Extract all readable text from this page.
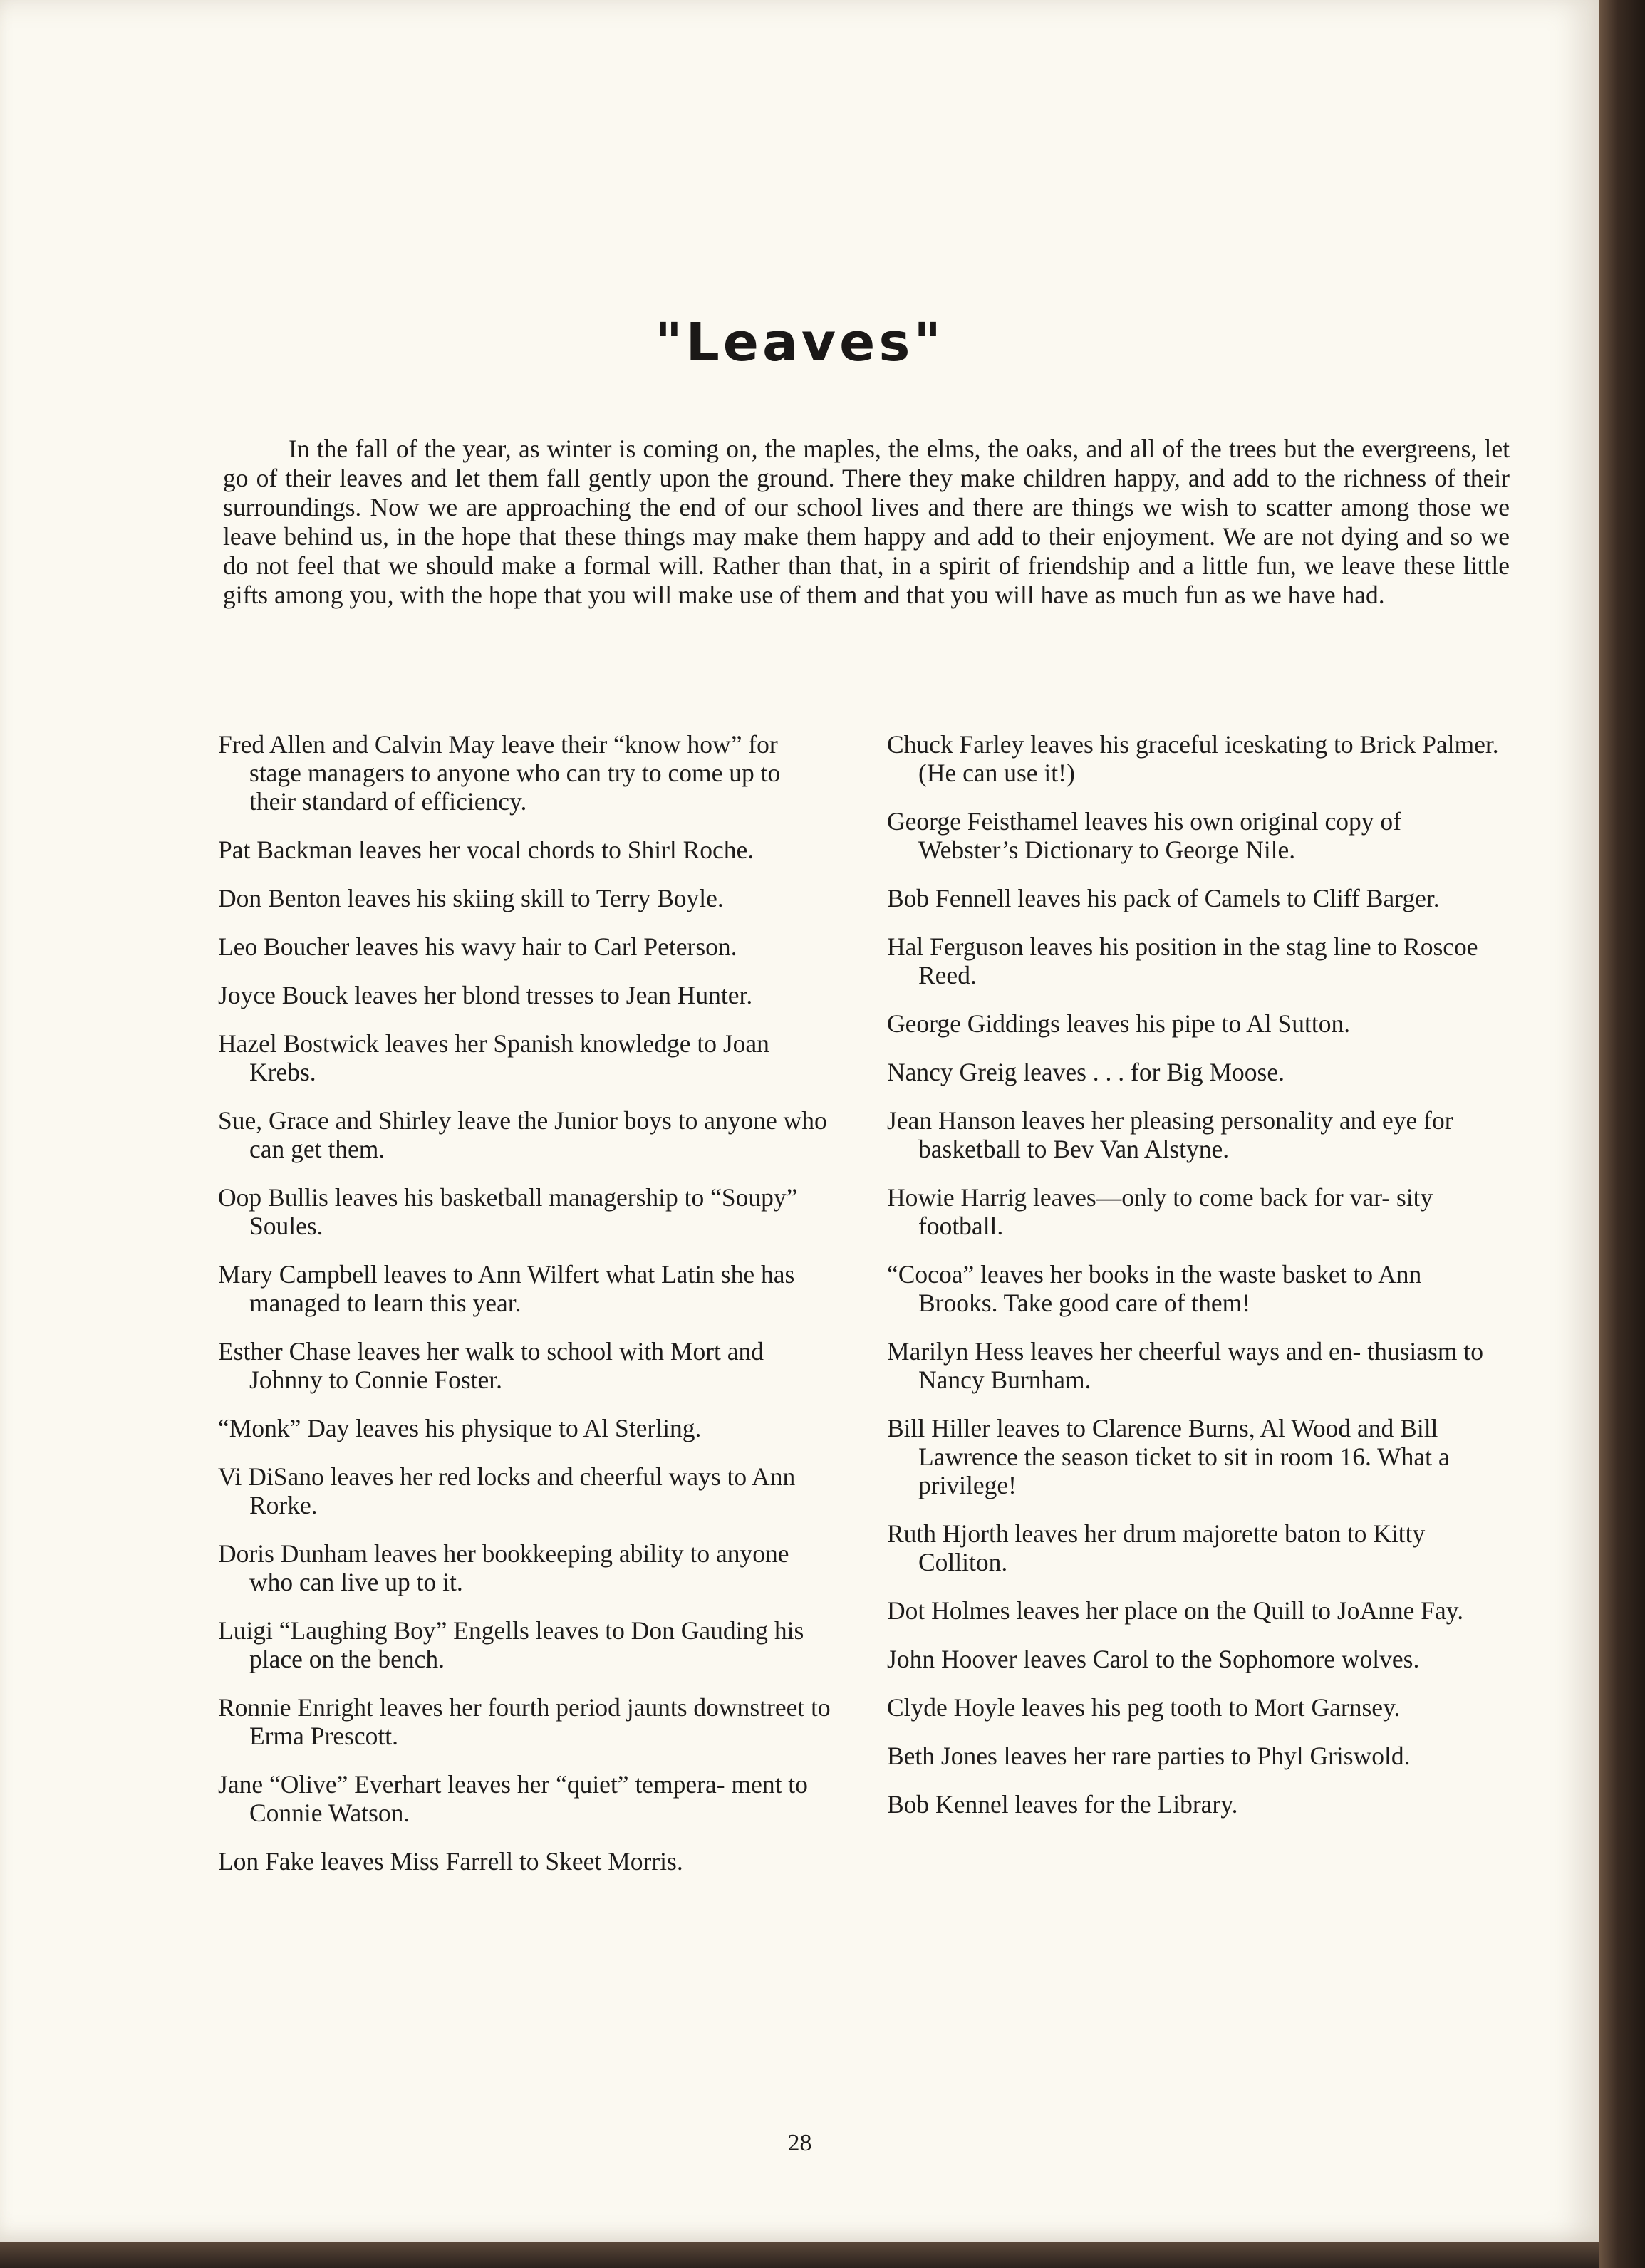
"Leaves"

In the fall of the year, as winter is coming on, the maples, the elms, the oaks, and all of the trees but the evergreens, let go of their leaves and let them fall gently upon the ground. There they make children happy, and add to the richness of their surroundings. Now we are approaching the end of our school lives and there are things we wish to scatter among those we leave behind us, in the hope that these things may make them happy and add to their enjoyment. We are not dying and so we do not feel that we should make a formal will. Rather than that, in a spirit of friendship and a little fun, we leave these little gifts among you, with the hope that you will make use of them and that you will have as much fun as we have had.

Fred Allen and Calvin May leave their “know how” for stage managers to anyone who can try to come up to their standard of efficiency.

Pat Backman leaves her vocal chords to Shirl Roche.

Don Benton leaves his skiing skill to Terry Boyle.

Leo Boucher leaves his wavy hair to Carl Peterson.

Joyce Bouck leaves her blond tresses to Jean Hunter.

Hazel Bostwick leaves her Spanish knowledge to Joan Krebs.

Sue, Grace and Shirley leave the Junior boys to anyone who can get them.

Oop Bullis leaves his basketball managership to “Soupy” Soules.

Mary Campbell leaves to Ann Wilfert what Latin she has managed to learn this year.

Esther Chase leaves her walk to school with Mort and Johnny to Connie Foster.

“Monk” Day leaves his physique to Al Sterling.

Vi DiSano leaves her red locks and cheerful ways to Ann Rorke.

Doris Dunham leaves her bookkeeping ability to anyone who can live up to it.

Luigi “Laughing Boy” Engells leaves to Don Gauding his place on the bench.

Ronnie Enright leaves her fourth period jaunts downstreet to Erma Prescott.

Jane “Olive” Everhart leaves her “quiet” tempera- ment to Connie Watson.

Lon Fake leaves Miss Farrell to Skeet Morris.

Chuck Farley leaves his graceful iceskating to Brick Palmer. (He can use it!)

George Feisthamel leaves his own original copy of Webster’s Dictionary to George Nile.

Bob Fennell leaves his pack of Camels to Cliff Barger.

Hal Ferguson leaves his position in the stag line to Roscoe Reed.

George Giddings leaves his pipe to Al Sutton.

Nancy Greig leaves . . . for Big Moose.

Jean Hanson leaves her pleasing personality and eye for basketball to Bev Van Alstyne.

Howie Harrig leaves—only to come back for var- sity football.

“Cocoa” leaves her books in the waste basket to Ann Brooks. Take good care of them!

Marilyn Hess leaves her cheerful ways and en- thusiasm to Nancy Burnham.

Bill Hiller leaves to Clarence Burns, Al Wood and Bill Lawrence the season ticket to sit in room 16. What a privilege!

Ruth Hjorth leaves her drum majorette baton to Kitty Colliton.

Dot Holmes leaves her place on the Quill to JoAnne Fay.

John Hoover leaves Carol to the Sophomore wolves.

Clyde Hoyle leaves his peg tooth to Mort Garnsey.

Beth Jones leaves her rare parties to Phyl Griswold.

Bob Kennel leaves for the Library.

28
